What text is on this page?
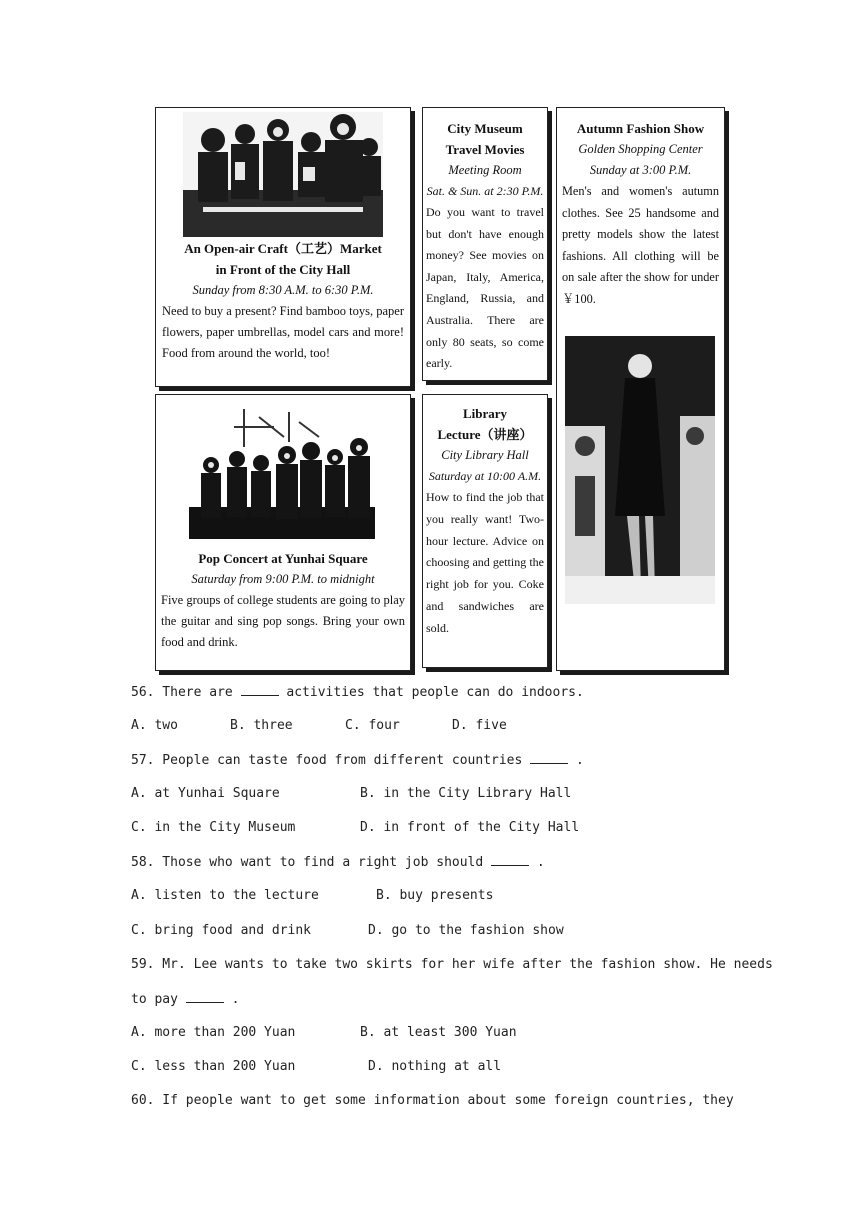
An Open-air Craft（工艺）Market
in Front of the City Hall
Sunday from 8:30 A.M. to 6:30 P.M.
Need to buy a present? Find bamboo toys, paper flowers, paper umbrellas, model cars and more! Food from around the world, too!
City Museum
Travel Movies
Meeting Room
Sat. & Sun. at 2:30 P.M.
Do you want to travel but don't have enough money? See movies on Japan, Italy, America, England, Russia, and Australia. There are only 80 seats, so come early.
Autumn Fashion Show
Golden Shopping Center
Sunday at 3:00 P.M.
Men's and women's autumn clothes. See 25 handsome and pretty models show the latest fashions. All clothing will be on sale after the show for under ￥100.
Pop Concert at Yunhai Square
Saturday from 9:00 P.M. to midnight
Five groups of college students are going to play the guitar and sing pop songs. Bring your own food and drink.
Library
Lecture（讲座）
City Library Hall
Saturday at 10:00 A.M.
How to find the job that you really want! Two-hour lecture. Advice on choosing and getting the right job for you. Coke and sandwiches are sold.
56. There are	activities that people can do indoors.
A. two	B. three	C. four	D. five
57. People can taste food from different countries	.
A. at Yunhai Square	B. in the City Library Hall
C. in the City Museum	D. in front of the City Hall
58. Those who want to find a right job should	.
A. listen to the lecture	B. buy presents
C. bring food and drink	D. go to the fashion show
59. Mr. Lee wants to take two skirts for her wife after the fashion show. He needs
to pay	.
A. more than 200 Yuan	B. at least 300 Yuan
C. less than 200 Yuan	D. nothing at all
60. If people want to get some information about some foreign countries, they
